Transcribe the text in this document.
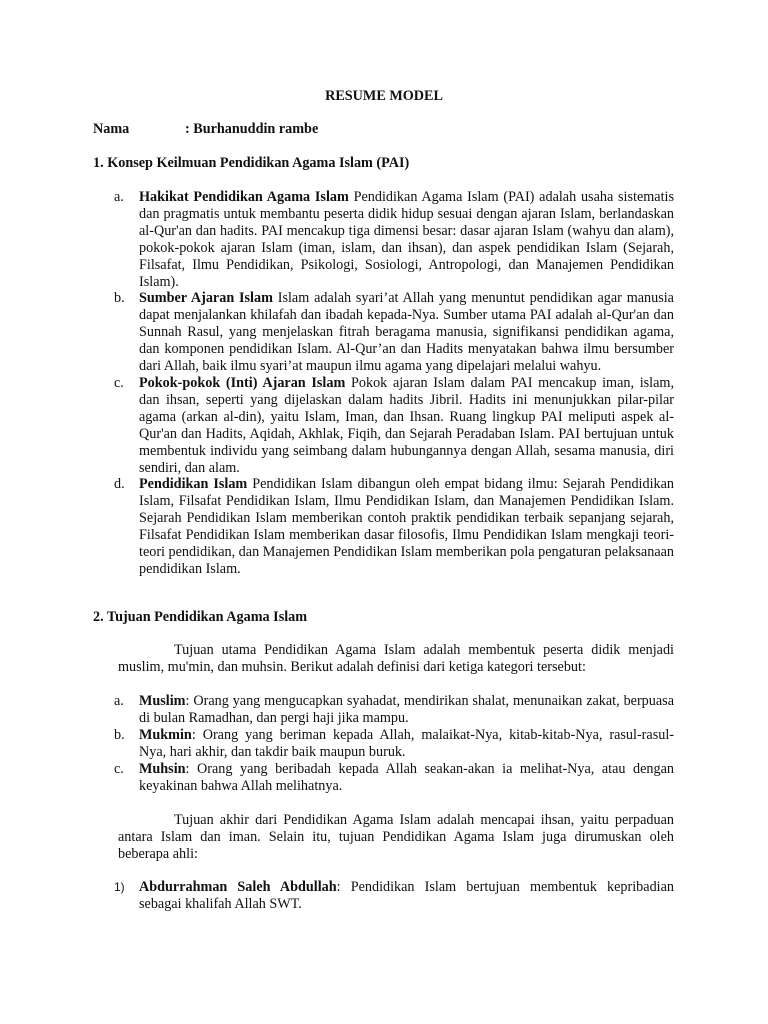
RESUME MODEL
Nama	: Burhanuddin rambe
1. Konsep Keilmuan Pendidikan Agama Islam (PAI)
a. Hakikat Pendidikan Agama Islam Pendidikan Agama Islam (PAI) adalah usaha sistematis dan pragmatis untuk membantu peserta didik hidup sesuai dengan ajaran Islam, berlandaskan al-Qur'an dan hadits. PAI mencakup tiga dimensi besar: dasar ajaran Islam (wahyu dan alam), pokok-pokok ajaran Islam (iman, islam, dan ihsan), dan aspek pendidikan Islam (Sejarah, Filsafat, Ilmu Pendidikan, Psikologi, Sosiologi, Antropologi, dan Manajemen Pendidikan Islam).
b. Sumber Ajaran Islam Islam adalah syari’at Allah yang menuntut pendidikan agar manusia dapat menjalankan khilafah dan ibadah kepada-Nya. Sumber utama PAI adalah al-Qur'an dan Sunnah Rasul, yang menjelaskan fitrah beragama manusia, signifikansi pendidikan agama, dan komponen pendidikan Islam. Al-Qur’an dan Hadits menyatakan bahwa ilmu bersumber dari Allah, baik ilmu syari’at maupun ilmu agama yang dipelajari melalui wahyu.
c. Pokok-pokok (Inti) Ajaran Islam Pokok ajaran Islam dalam PAI mencakup iman, islam, dan ihsan, seperti yang dijelaskan dalam hadits Jibril. Hadits ini menunjukkan pilar-pilar agama (arkan al-din), yaitu Islam, Iman, dan Ihsan. Ruang lingkup PAI meliputi aspek al-Qur'an dan Hadits, Aqidah, Akhlak, Fiqih, dan Sejarah Peradaban Islam. PAI bertujuan untuk membentuk individu yang seimbang dalam hubungannya dengan Allah, sesama manusia, diri sendiri, dan alam.
d. Pendidikan Islam Pendidikan Islam dibangun oleh empat bidang ilmu: Sejarah Pendidikan Islam, Filsafat Pendidikan Islam, Ilmu Pendidikan Islam, dan Manajemen Pendidikan Islam. Sejarah Pendidikan Islam memberikan contoh praktik pendidikan terbaik sepanjang sejarah, Filsafat Pendidikan Islam memberikan dasar filosofis, Ilmu Pendidikan Islam mengkaji teori-teori pendidikan, dan Manajemen Pendidikan Islam memberikan pola pengaturan pelaksanaan pendidikan Islam.
2. Tujuan Pendidikan Agama Islam

Tujuan utama Pendidikan Agama Islam adalah membentuk peserta didik menjadi muslim, mu'min, dan muhsin. Berikut adalah definisi dari ketiga kategori tersebut:

a. Muslim: Orang yang mengucapkan syahadat, mendirikan shalat, menunaikan zakat, berpuasa di bulan Ramadhan, dan pergi haji jika mampu.
b. Mukmin: Orang yang beriman kepada Allah, malaikat-Nya, kitab-kitab-Nya, rasul-rasul-Nya, hari akhir, dan takdir baik maupun buruk.
c. Muhsin: Orang yang beribadah kepada Allah seakan-akan ia melihat-Nya, atau dengan keyakinan bahwa Allah melihatnya.

Tujuan akhir dari Pendidikan Agama Islam adalah mencapai ihsan, yaitu perpaduan antara Islam dan iman. Selain itu, tujuan Pendidikan Agama Islam juga dirumuskan oleh beberapa ahli:

1) Abdurrahman Saleh Abdullah: Pendidikan Islam bertujuan membentuk kepribadian sebagai khalifah Allah SWT.
